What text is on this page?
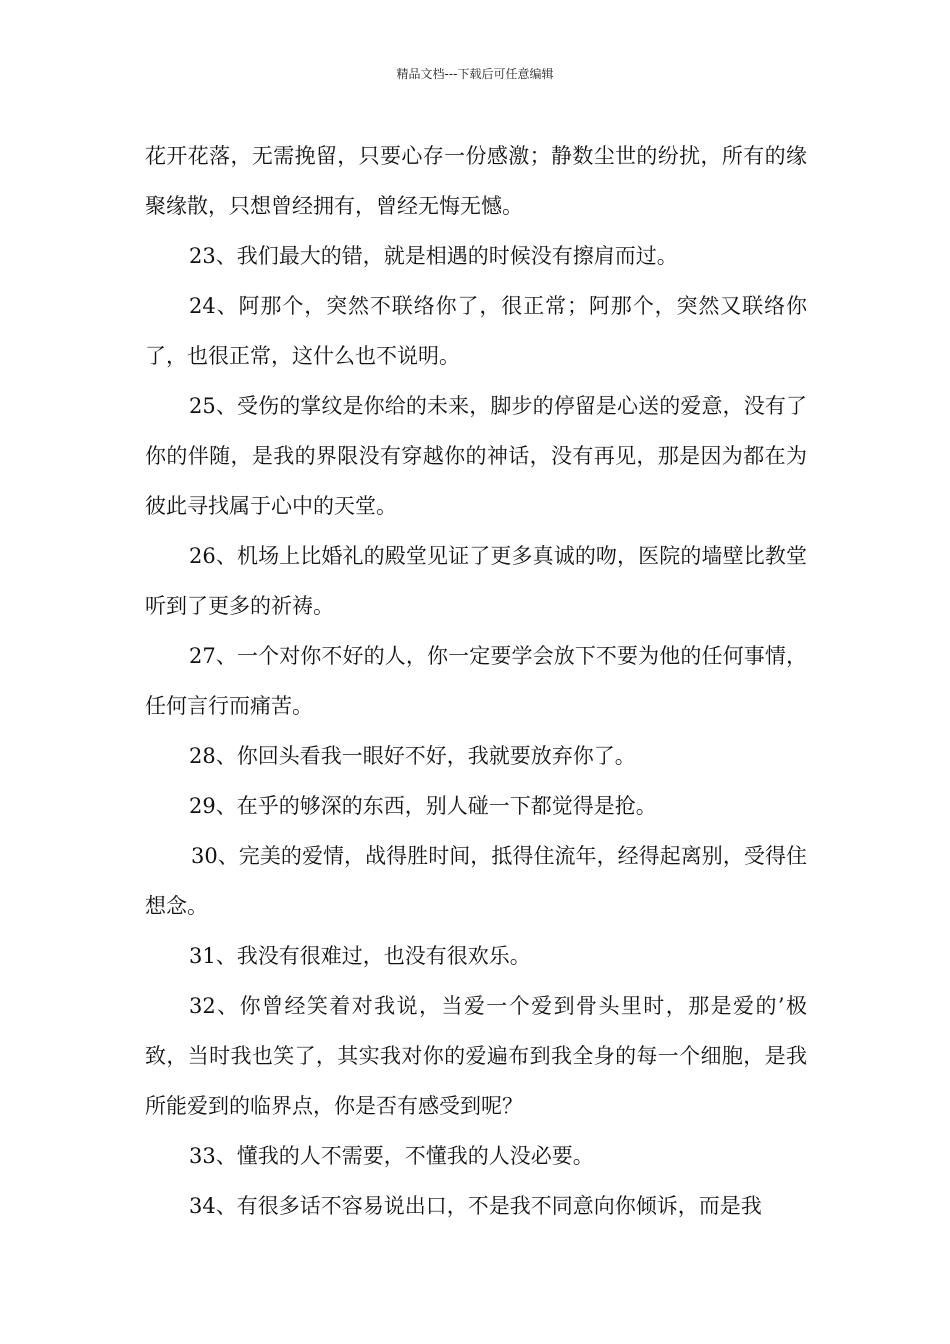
精品文档---下载后可任意编辑

花开花落，无需挽留，只要心存一份感激；静数尘世的纷扰，所有的缘聚缘散，只想曾经拥有，曾经无悔无憾。

23、我们最大的错，就是相遇的时候没有擦肩而过。

24、阿那个，突然不联络你了，很正常；阿那个，突然又联络你了，也很正常，这什么也不说明。

25、受伤的掌纹是你给的未来，脚步的停留是心送的爱意，没有了你的伴随，是我的界限没有穿越你的神话，没有再见，那是因为都在为彼此寻找属于心中的天堂。

26、机场上比婚礼的殿堂见证了更多真诚的吻，医院的墙壁比教堂听到了更多的祈祷。

27、一个对你不好的人，你一定要学会放下不要为他的任何事情，任何言行而痛苦。

28、你回头看我一眼好不好，我就要放弃你了。

29、在乎的够深的东西，别人碰一下都觉得是抢。

30、完美的爱情，战得胜时间，抵得住流年，经得起离别，受得住想念。

31、我没有很难过，也没有很欢乐。

32、你曾经笑着对我说，当爱一个爱到骨头里时，那是爱的’极致，当时我也笑了，其实我对你的爱遍布到我全身的每一个细胞，是我所能爱到的临界点，你是否有感受到呢？

33、懂我的人不需要，不懂我的人没必要。

34、有很多话不容易说出口，不是我不同意向你倾诉，而是我
